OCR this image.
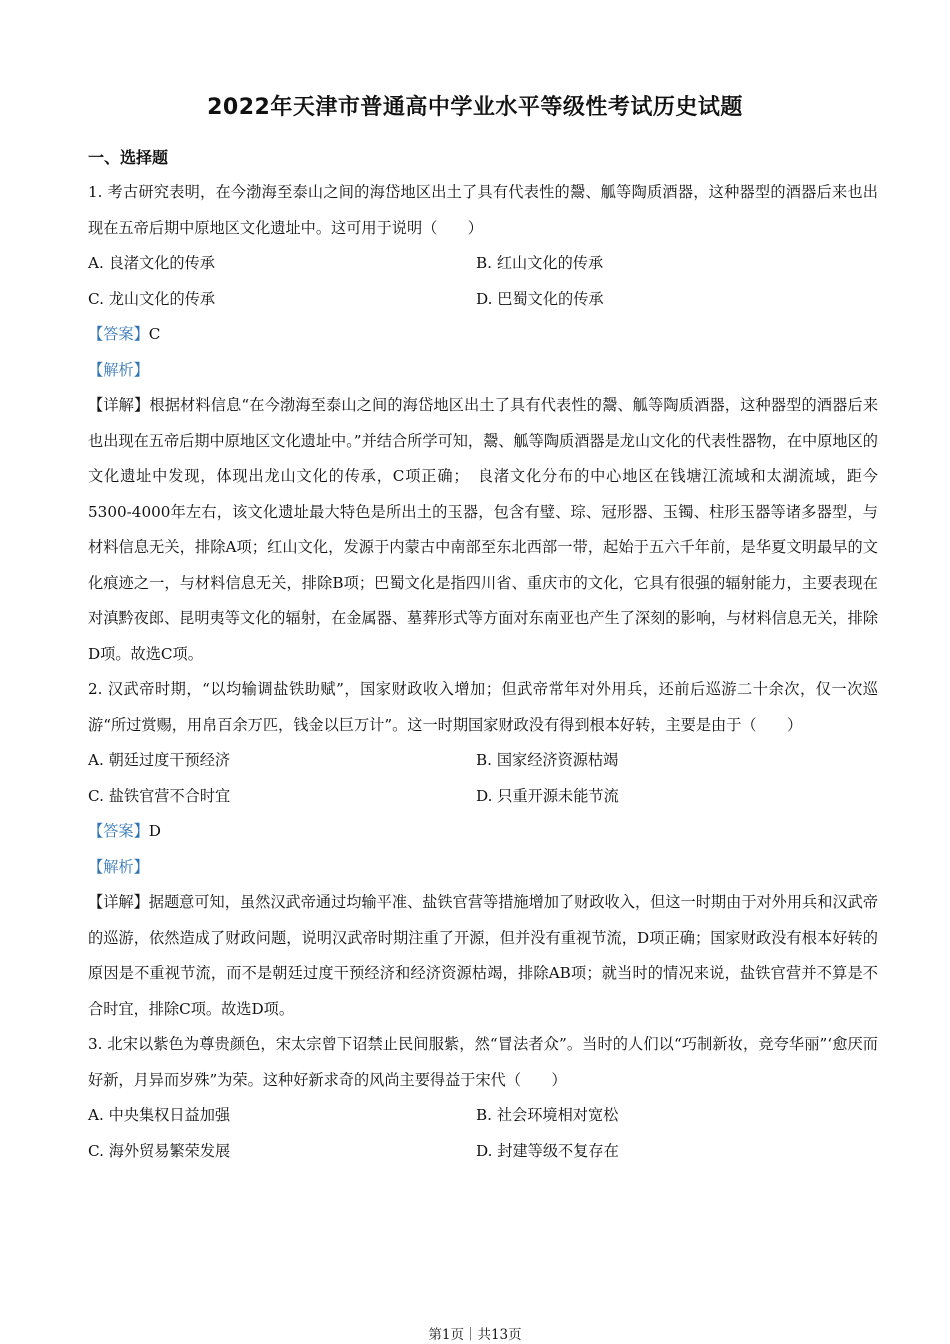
2022年天津市普通高中学业水平等级性考试历史试题
一、选择题

1. 考古研究表明，在今渤海至泰山之间的海岱地区出土了具有代表性的鬶、觚等陶质酒器，这种器型的酒器后来也出现在五帝后期中原地区文化遗址中。这可用于说明（　　）

A. 良渚文化的传承	B. 红山文化的传承

C. 龙山文化的传承	D. 巴蜀文化的传承

【答案】C

【解析】

【详解】根据材料信息“在今渤海至泰山之间的海岱地区出土了具有代表性的鬶、觚等陶质酒器，这种器型的酒器后来也出现在五帝后期中原地区文化遗址中。”并结合所学可知，鬶、觚等陶质酒器是龙山文化的代表性器物，在中原地区的文化遗址中发现，体现出龙山文化的传承，C项正确；　良渚文化分布的中心地区在钱塘江流域和太湖流域，距今5300-4000年左右，该文化遗址最大特色是所出土的玉器，包含有璧、琮、冠形器、玉镯、柱形玉器等诸多器型，与材料信息无关，排除A项；红山文化，发源于内蒙古中南部至东北西部一带，起始于五六千年前，是华夏文明最早的文化痕迹之一，与材料信息无关，排除B项；巴蜀文化是指四川省、重庆市的文化，它具有很强的辐射能力，主要表现在对滇黔夜郎、昆明夷等文化的辐射，在金属器、墓葬形式等方面对东南亚也产生了深刻的影响，与材料信息无关，排除D项。故选C项。

2. 汉武帝时期，“以均输调盐铁助赋”，国家财政收入增加；但武帝常年对外用兵，还前后巡游二十余次，仅一次巡游“所过赏赐，用帛百余万匹，钱金以巨万计”。这一时期国家财政没有得到根本好转，主要是由于（　　）

A. 朝廷过度干预经济	B. 国家经济资源枯竭

C. 盐铁官营不合时宜	D. 只重开源未能节流

【答案】D

【解析】

【详解】据题意可知，虽然汉武帝通过均输平准、盐铁官营等措施增加了财政收入，但这一时期由于对外用兵和汉武帝的巡游，依然造成了财政问题，说明汉武帝时期注重了开源，但并没有重视节流，D项正确；国家财政没有根本好转的原因是不重视节流，而不是朝廷过度干预经济和经济资源枯竭，排除AB项；就当时的情况来说，盐铁官营并不算是不合时宜，排除C项。故选D项。

3. 北宋以紫色为尊贵颜色，宋太宗曾下诏禁止民间服紫，然“冒法者众”。当时的人们以“巧制新妆，竞夸华丽”‘愈厌而好新，月异而岁殊”为荣。这种好新求奇的风尚主要得益于宋代（　　）

A. 中央集权日益加强	B. 社会环境相对宽松

C. 海外贸易繁荣发展	D. 封建等级不复存在

第1页｜共13页
